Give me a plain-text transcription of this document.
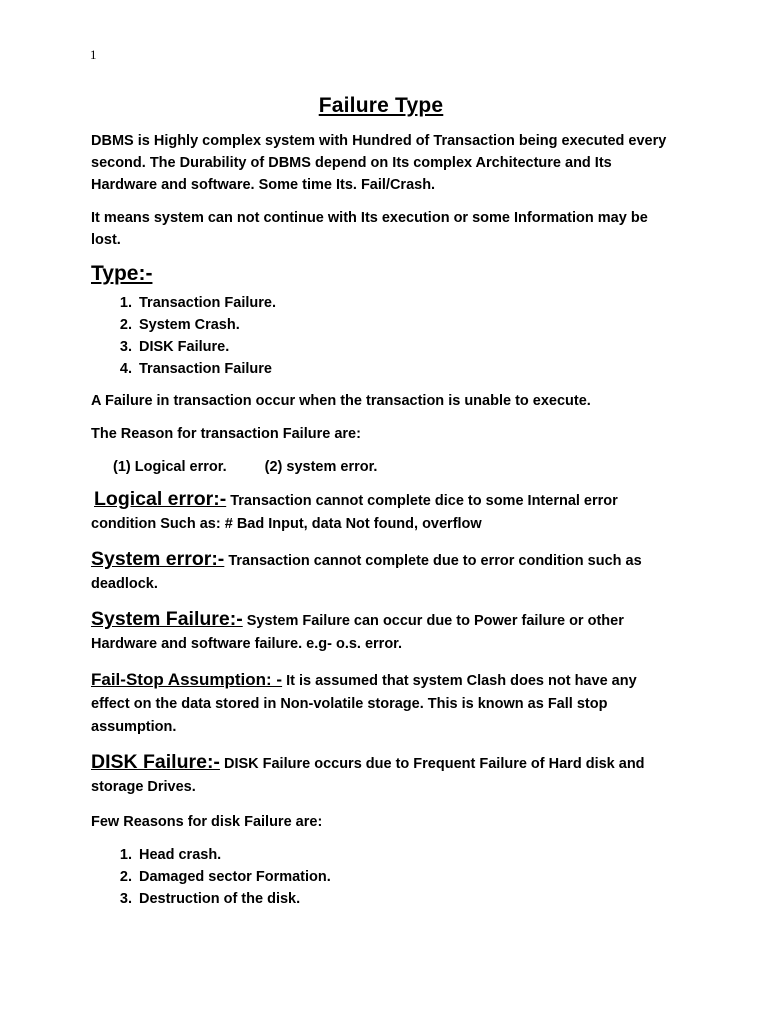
1
Failure Type

DBMS is Highly complex system with Hundred of Transaction being executed every second. The Durability of DBMS depend on Its complex Architecture and Its Hardware and software. Some time Its. Fail/Crash.

It means system can not continue with Its execution or some Information may be lost.

Type:-
1. Transaction Failure.
2. System Crash.
3. DISK Failure.
4. Transaction Failure

A Failure in transaction occur when the transaction is unable to execute.

The Reason for transaction Failure are:

(1) Logical error.	(2) system error.
Logical error:- Transaction cannot complete dice to some Internal error condition Such as: # Bad Input, data Not found, overflow
System error:- Transaction cannot complete due to error condition such as deadlock.
System Failure:- System Failure can occur due to Power failure or other Hardware and software failure. e.g- o.s. error.
Fail-Stop Assumption: - It is assumed that system Clash does not have any effect on the data stored in Non-volatile storage. This is known as Fall stop assumption.
DISK Failure:- DISK Failure occurs due to Frequent Failure of Hard disk and storage Drives.

Few Reasons for disk Failure are:

1. Head crash.
2. Damaged sector Formation.
3. Destruction of the disk.
